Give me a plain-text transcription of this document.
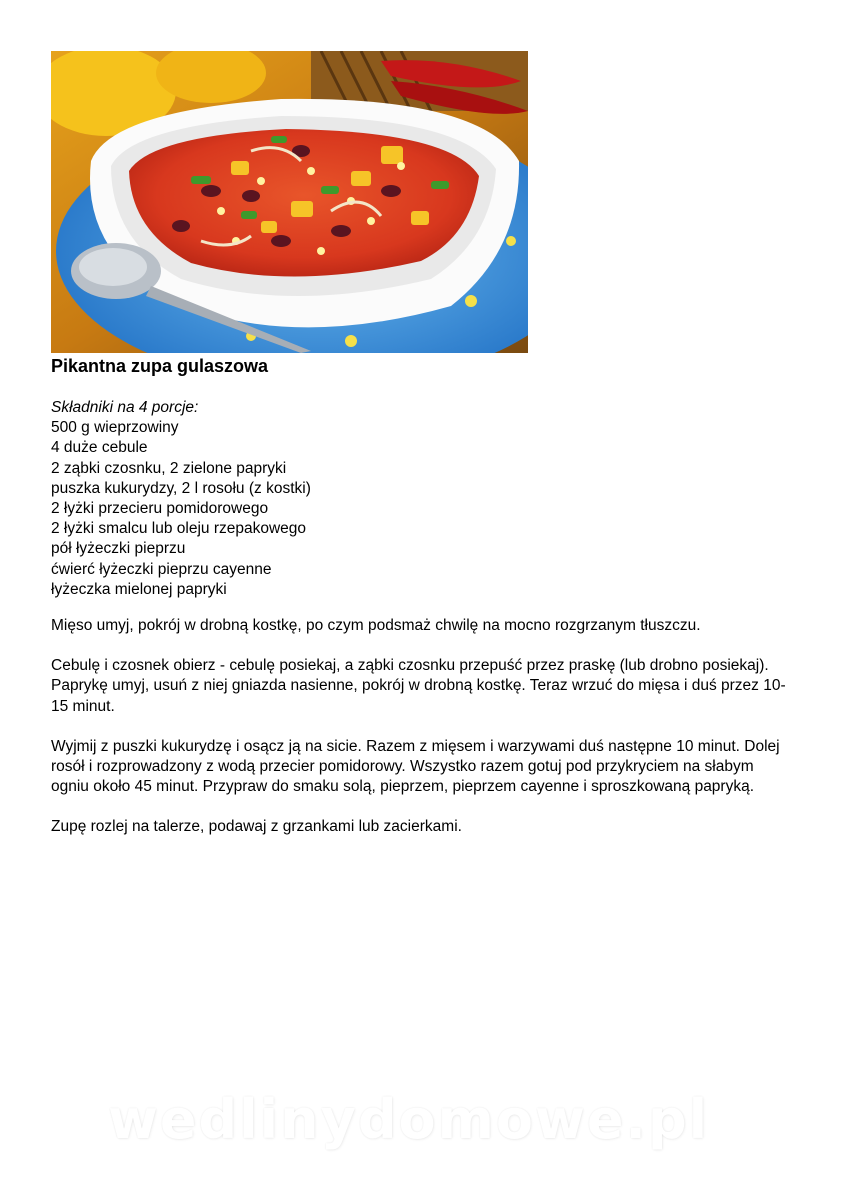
Pikantna zupa gulaszowa
Składniki na 4 porcje:
500 g wieprzowiny
4 duże cebule
2 ząbki czosnku, 2 zielone papryki
puszka kukurydzy, 2 l rosołu (z kostki)
2 łyżki przecieru pomidorowego
2 łyżki smalcu lub oleju rzepakowego
pół łyżeczki pieprzu
ćwierć łyżeczki pieprzu cayenne
łyżeczka mielonej papryki

Mięso umyj, pokrój w drobną kostkę, po czym podsmaż chwilę na mocno rozgrzanym tłuszczu.

Cebulę i czosnek obierz - cebulę posiekaj, a ząbki czosnku przepuść przez praskę (lub drobno posiekaj). Paprykę umyj, usuń z niej gniazda nasienne, pokrój w drobną kostkę. Teraz wrzuć do mięsa i duś przez 10-15 minut.

Wyjmij z puszki kukurydzę i osącz ją na sicie. Razem z mięsem i warzywami duś następne 10 minut. Dolej rosół i rozprowadzony z wodą przecier pomidorowy. Wszystko razem gotuj pod przykryciem na słabym ogniu około 45 minut. Przypraw do smaku solą, pieprzem, pieprzem cayenne i sproszkowaną papryką.

Zupę rozlej na talerze, podawaj z grzankami lub zacierkami.

wedlinydomowe.pl
